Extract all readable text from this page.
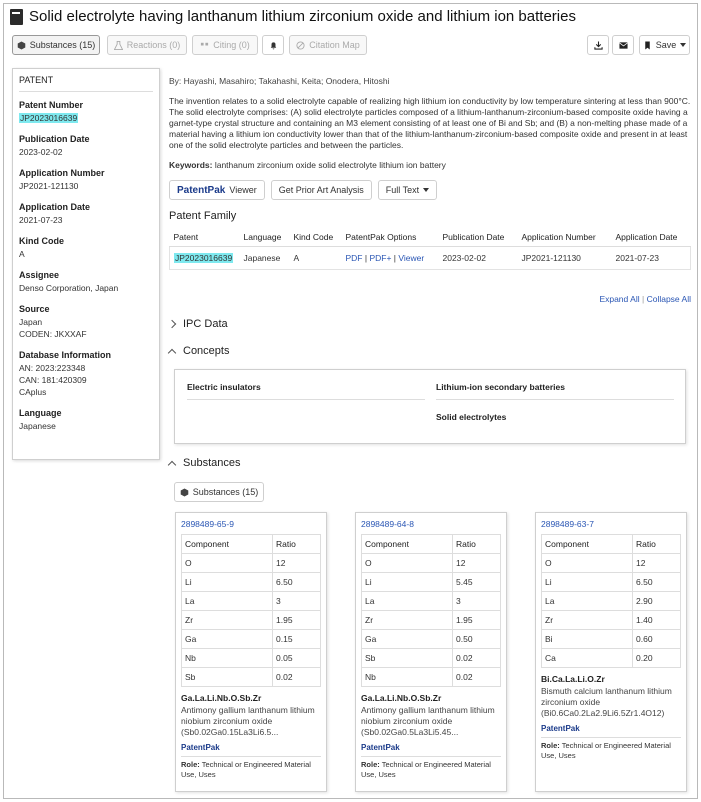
Solid electrolyte having lanthanum lithium zirconium oxide and lithium ion batteries
Substances (15)	Reactions (0)	Citing (0)	Citation Map	Save
PATENT
Patent Number
JP2023016639
Publication Date
2023-02-02
Application Number
JP2021-121130
Application Date
2021-07-23
Kind Code
A
Assignee
Denso Corporation, Japan
Source
Japan
CODEN: JKXXAF
Database Information
AN: 2023:223348
CAN: 181:420309
CAplus
Language
Japanese
By: Hayashi, Masahiro; Takahashi, Keita; Onodera, Hitoshi
The invention relates to a solid electrolyte capable of realizing high lithium ion conductivity by low temperature sintering at less than 900°C. The solid electrolyte comprises: (A) solid electrolyte particles composed of a lithium-lanthanum-zirconium-based composite oxide having a garnet-type crystal structure and containing an M3 element consisting of at least one of Bi and Sb; and (B) a non-melting phase made of a material having a lithium ion conductivity lower than that of the lithium-lanthanum-zirconium-based composite oxide and present in at least one of the solid electrolyte particles and between the particles.
Keywords: lanthanum zirconium oxide solid electrolyte lithium ion battery
PatentPak Viewer	Get Prior Art Analysis	Full Text
Patent Family
Patent	Language	Kind Code	PatentPak Options	Publication Date	Application Number	Application Date
JP2023016639	Japanese	A	PDF | PDF+ | Viewer	2023-02-02	JP2021-121130	2021-07-23
Expand All | Collapse All
IPC Data
Concepts
Electric insulators	Lithium-ion secondary batteries
Solid electrolytes
Substances
Substances (15)
2898489-65-9
Component	Ratio
O	12
Li	6.50
La	3
Zr	1.95
Ga	0.15
Nb	0.05
Sb	0.02
Ga.La.Li.Nb.O.Sb.Zr
Antimony gallium lanthanum lithium niobium zirconium oxide (Sb0.02Ga0.15La3Li6.5...
PatentPak
Role: Technical or Engineered Material Use, Uses
2898489-64-8
Component	Ratio
O	12
Li	5.45
La	3
Zr	1.95
Ga	0.50
Sb	0.02
Nb	0.02
Ga.La.Li.Nb.O.Sb.Zr
Antimony gallium lanthanum lithium niobium zirconium oxide (Sb0.02Ga0.5La3Li5.45...
PatentPak
Role: Technical or Engineered Material Use, Uses
2898489-63-7
Component	Ratio
O	12
Li	6.50
La	2.90
Zr	1.40
Bi	0.60
Ca	0.20
Bi.Ca.La.Li.O.Zr
Bismuth calcium lanthanum lithium zirconium oxide (Bi0.6Ca0.2La2.9Li6.5Zr1.4O12)
PatentPak
Role: Technical or Engineered Material Use, Uses
